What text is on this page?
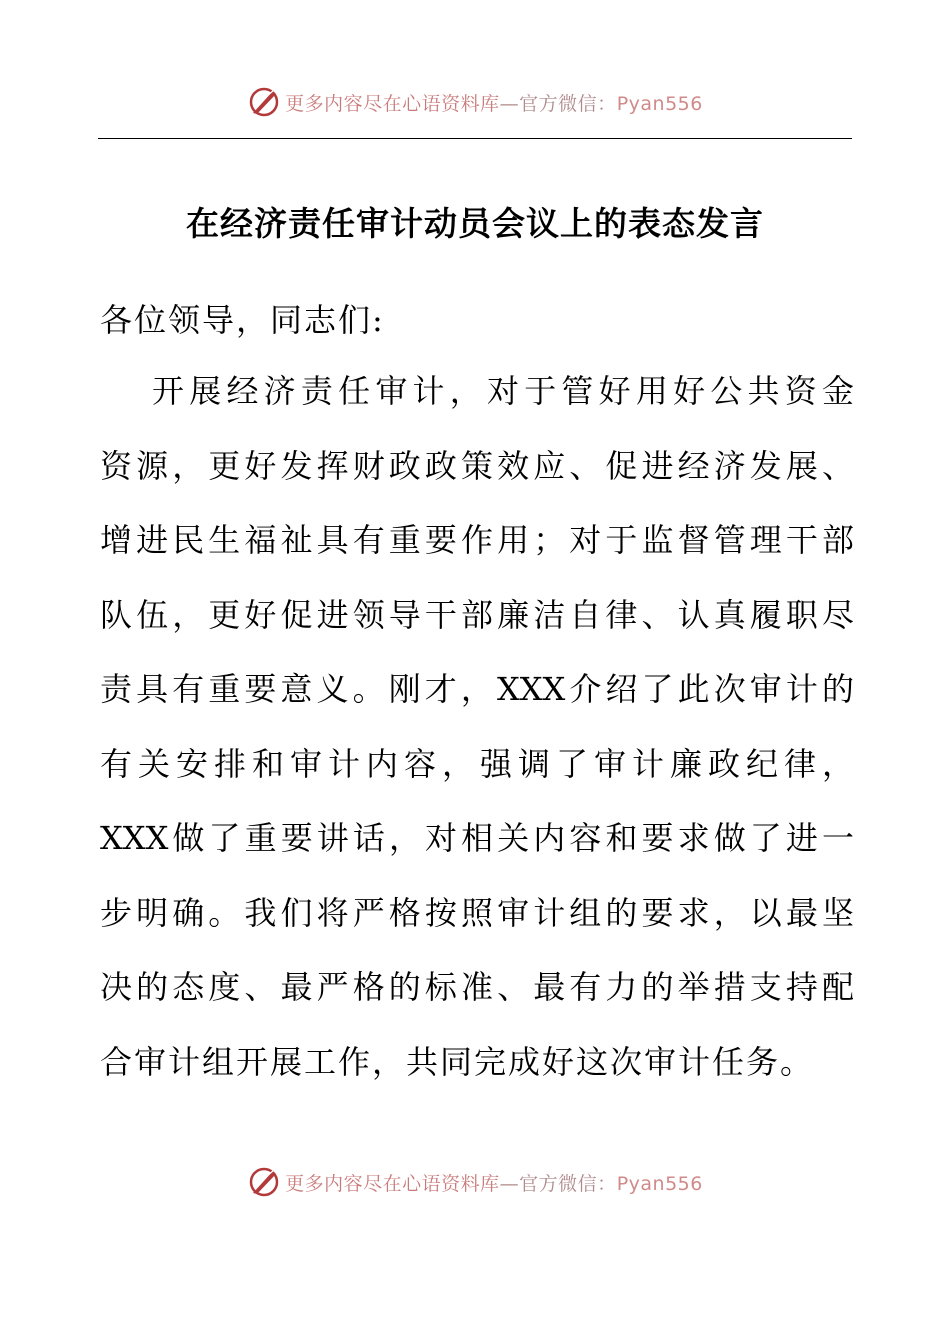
更多内容尽在心语资料库—官方微信：Pyan556
在经济责任审计动员会议上的表态发言

各位领导，同志们:

开展经济责任审计，对于管好用好公共资金
资源，更好发挥财政政策效应、促进经济发展、
增进民生福祉具有重要作用；对于监督管理干部
队伍，更好促进领导干部廉洁自律、认真履职尽
责具有重要意义。刚才，XXX介绍了此次审计的
有关安排和审计内容，强调了审计廉政纪律，
XXX做了重要讲话，对相关内容和要求做了进一
步明确。我们将严格按照审计组的要求，以最坚
决的态度、最严格的标准、最有力的举措支持配
合审计组开展工作，共同完成好这次审计任务。
更多内容尽在心语资料库—官方微信：Pyan556
